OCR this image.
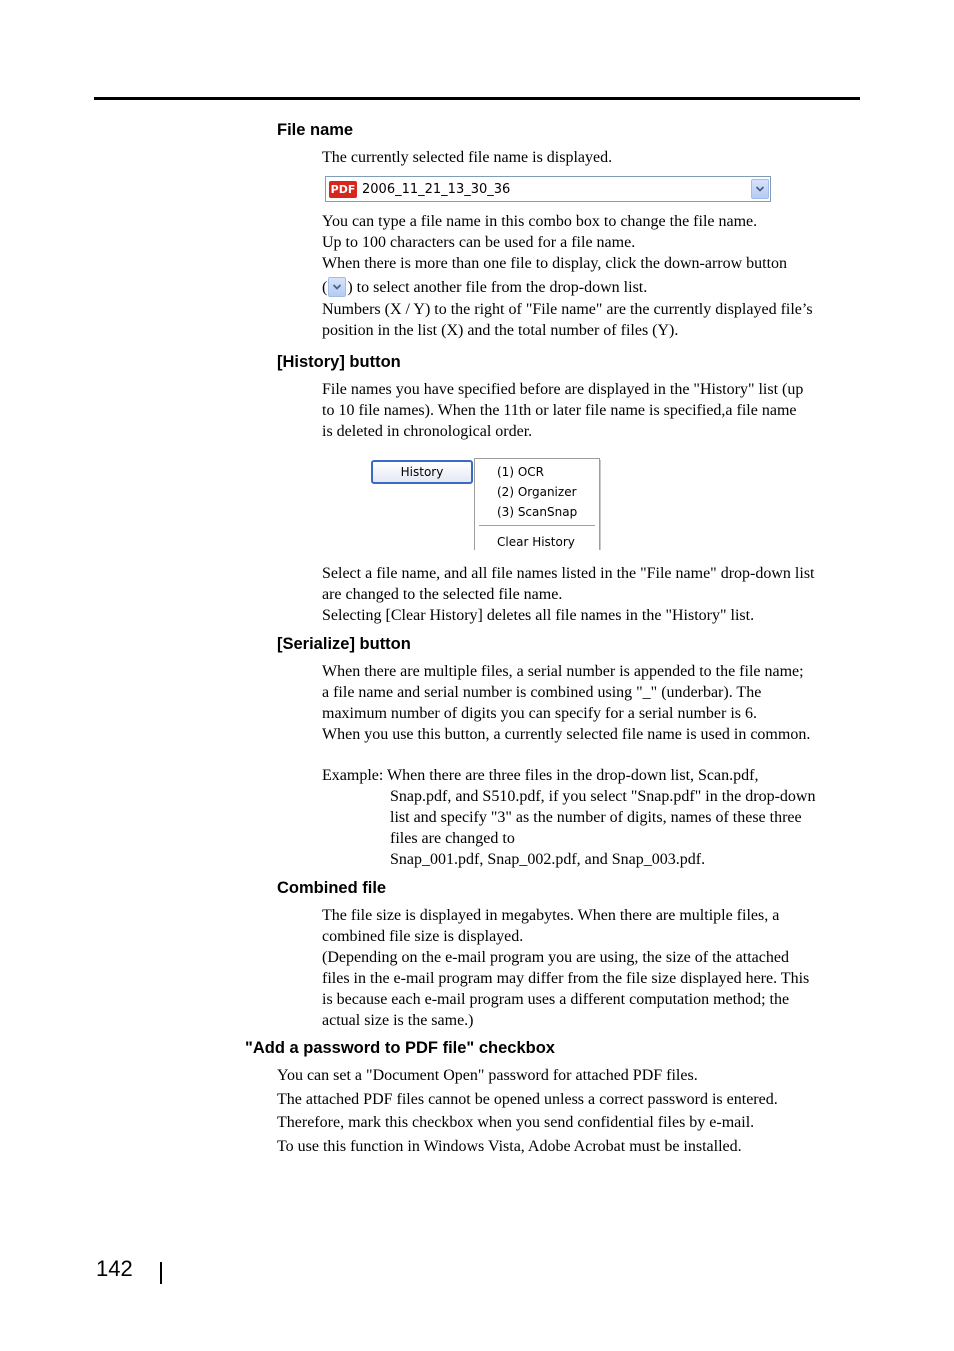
File name

The currently selected file name is displayed.

PDF 2006_11_21_13_30_36

You can type a file name in this combo box to change the file name.

Up to 100 characters can be used for a file name.

When there is more than one file to display, click the down-arrow button

( ) to select another file from the drop-down list.

Numbers (X / Y) to the right of "File name" are the currently displayed file’s

position in the list (X) and the total number of files (Y).

[History] button

File names you have specified before are displayed in the "History" list (up

to 10 file names). When the 11th or later file name is specified,a file name

is deleted in chronological order.

History	(1) OCR
(2) Organizer
(3) ScanSnap
Clear History

Select a file name, and all file names listed in the "File name" drop-down list

are changed to the selected file name.

Selecting [Clear History] deletes all file names in the "History" list.

[Serialize] button

When there are multiple files, a serial number is appended to the file name;

a file name and serial number is combined using "_" (underbar). The

maximum number of digits you can specify for a serial number is 6.

When you use this button, a currently selected file name is used in common.

Example: When there are three files in the drop-down list, Scan.pdf,

Snap.pdf, and S510.pdf, if you select "Snap.pdf" in the drop-down

list and specify "3" as the number of digits, names of these three

files are changed to

Snap_001.pdf, Snap_002.pdf, and Snap_003.pdf.

Combined file

The file size is displayed in megabytes. When there are multiple files, a

combined file size is displayed.

(Depending on the e-mail program you are using, the size of the attached

files in the e-mail program may differ from the file size displayed here. This

is because each e-mail program uses a different computation method; the

actual size is the same.)

"Add a password to PDF file" checkbox

You can set a "Document Open" password for attached PDF files.

The attached PDF files cannot be opened unless a correct password is entered.

Therefore, mark this checkbox when you send confidential files by e-mail.

To use this function in Windows Vista, Adobe Acrobat must be installed.

142
